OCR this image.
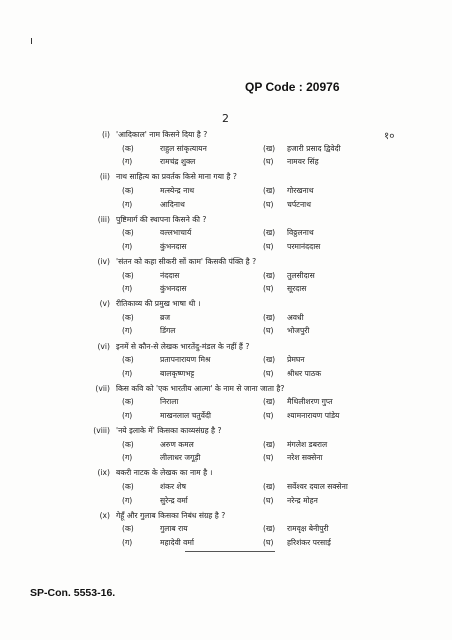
QP Code : 20976
2
१०
(i) 'आदिकाल' नाम किसने दिया है ?
(क)	राहुल सांकृत्यायन	(ख) हजारी प्रसाद द्विवेदी
(ग)	रामचंद्र शुक्ल	(घ) नामवर सिंह
(ii) नाथ साहित्य का प्रवर्तक किसे माना गया है ?
(क)	मत्स्येन्द्र नाथ	(ख) गोरखनाथ
(ग)	आदिनाथ	(घ) चर्पटनाथ
(iii) पुष्टिमार्ग की स्थापना किसने की ?
(क)	वल्लभाचार्य	(ख) विठ्ठलनाथ
(ग)	कुंभनदास	(घ) परमानंददास
(iv) 'संतन को कहा सीकरी सों काम' किसकी पंक्ति है ?
(क)	नंददास	(ख) तुलसीदास
(ग)	कुंभनदास	(घ) सूरदास
(v) रीतिकाव्य की प्रमुख भाषा थी ।
(क)	ब्रज	(ख) अवधी
(ग)	डिंगल	(घ) भोजपुरी
(vi) इनमें से कौन-से लेखक भारतेंदु-मंडल के नहीं हैं ?
(क)	प्रतापनारायण मिश्र	(ख) प्रेमघन
(ग)	बालकृष्णभट्ट	(घ) श्रीधर पाठक
(vii) किस कवि को 'एक भारतीय आत्मा' के नाम से जाना जाता है?
(क)	निराला	(ख) मैथिलीशरण गुप्त
(ग)	माखनलाल चतुर्वेदी	(घ) श्यामनारायण पांडेय
(viii) 'नये इलाके में' किसका काव्यसंग्रह है ?
(क)	अरुण कमल	(ख) मंगलेश डबराल
(ग)	लीलाधर जगूड़ी	(घ) नरेश सक्सेना
(ix) बकरी नाटक के लेखक का नाम है ।
(क)	शंकर शेष	(ख) सर्वेश्वर दयाल सक्सेना
(ग)	सुरेन्द्र वर्मा	(घ) नरेन्द्र मोहन
(x) गेहूँ और गुलाब किसका निबंध संग्रह है ?
(क)	गुलाब राय	(ख) रामवृक्ष बेनीपुरी
(ग)	महादेवी वर्मा	(घ) हरिशंकर परसाई
SP-Con. 5553-16.
